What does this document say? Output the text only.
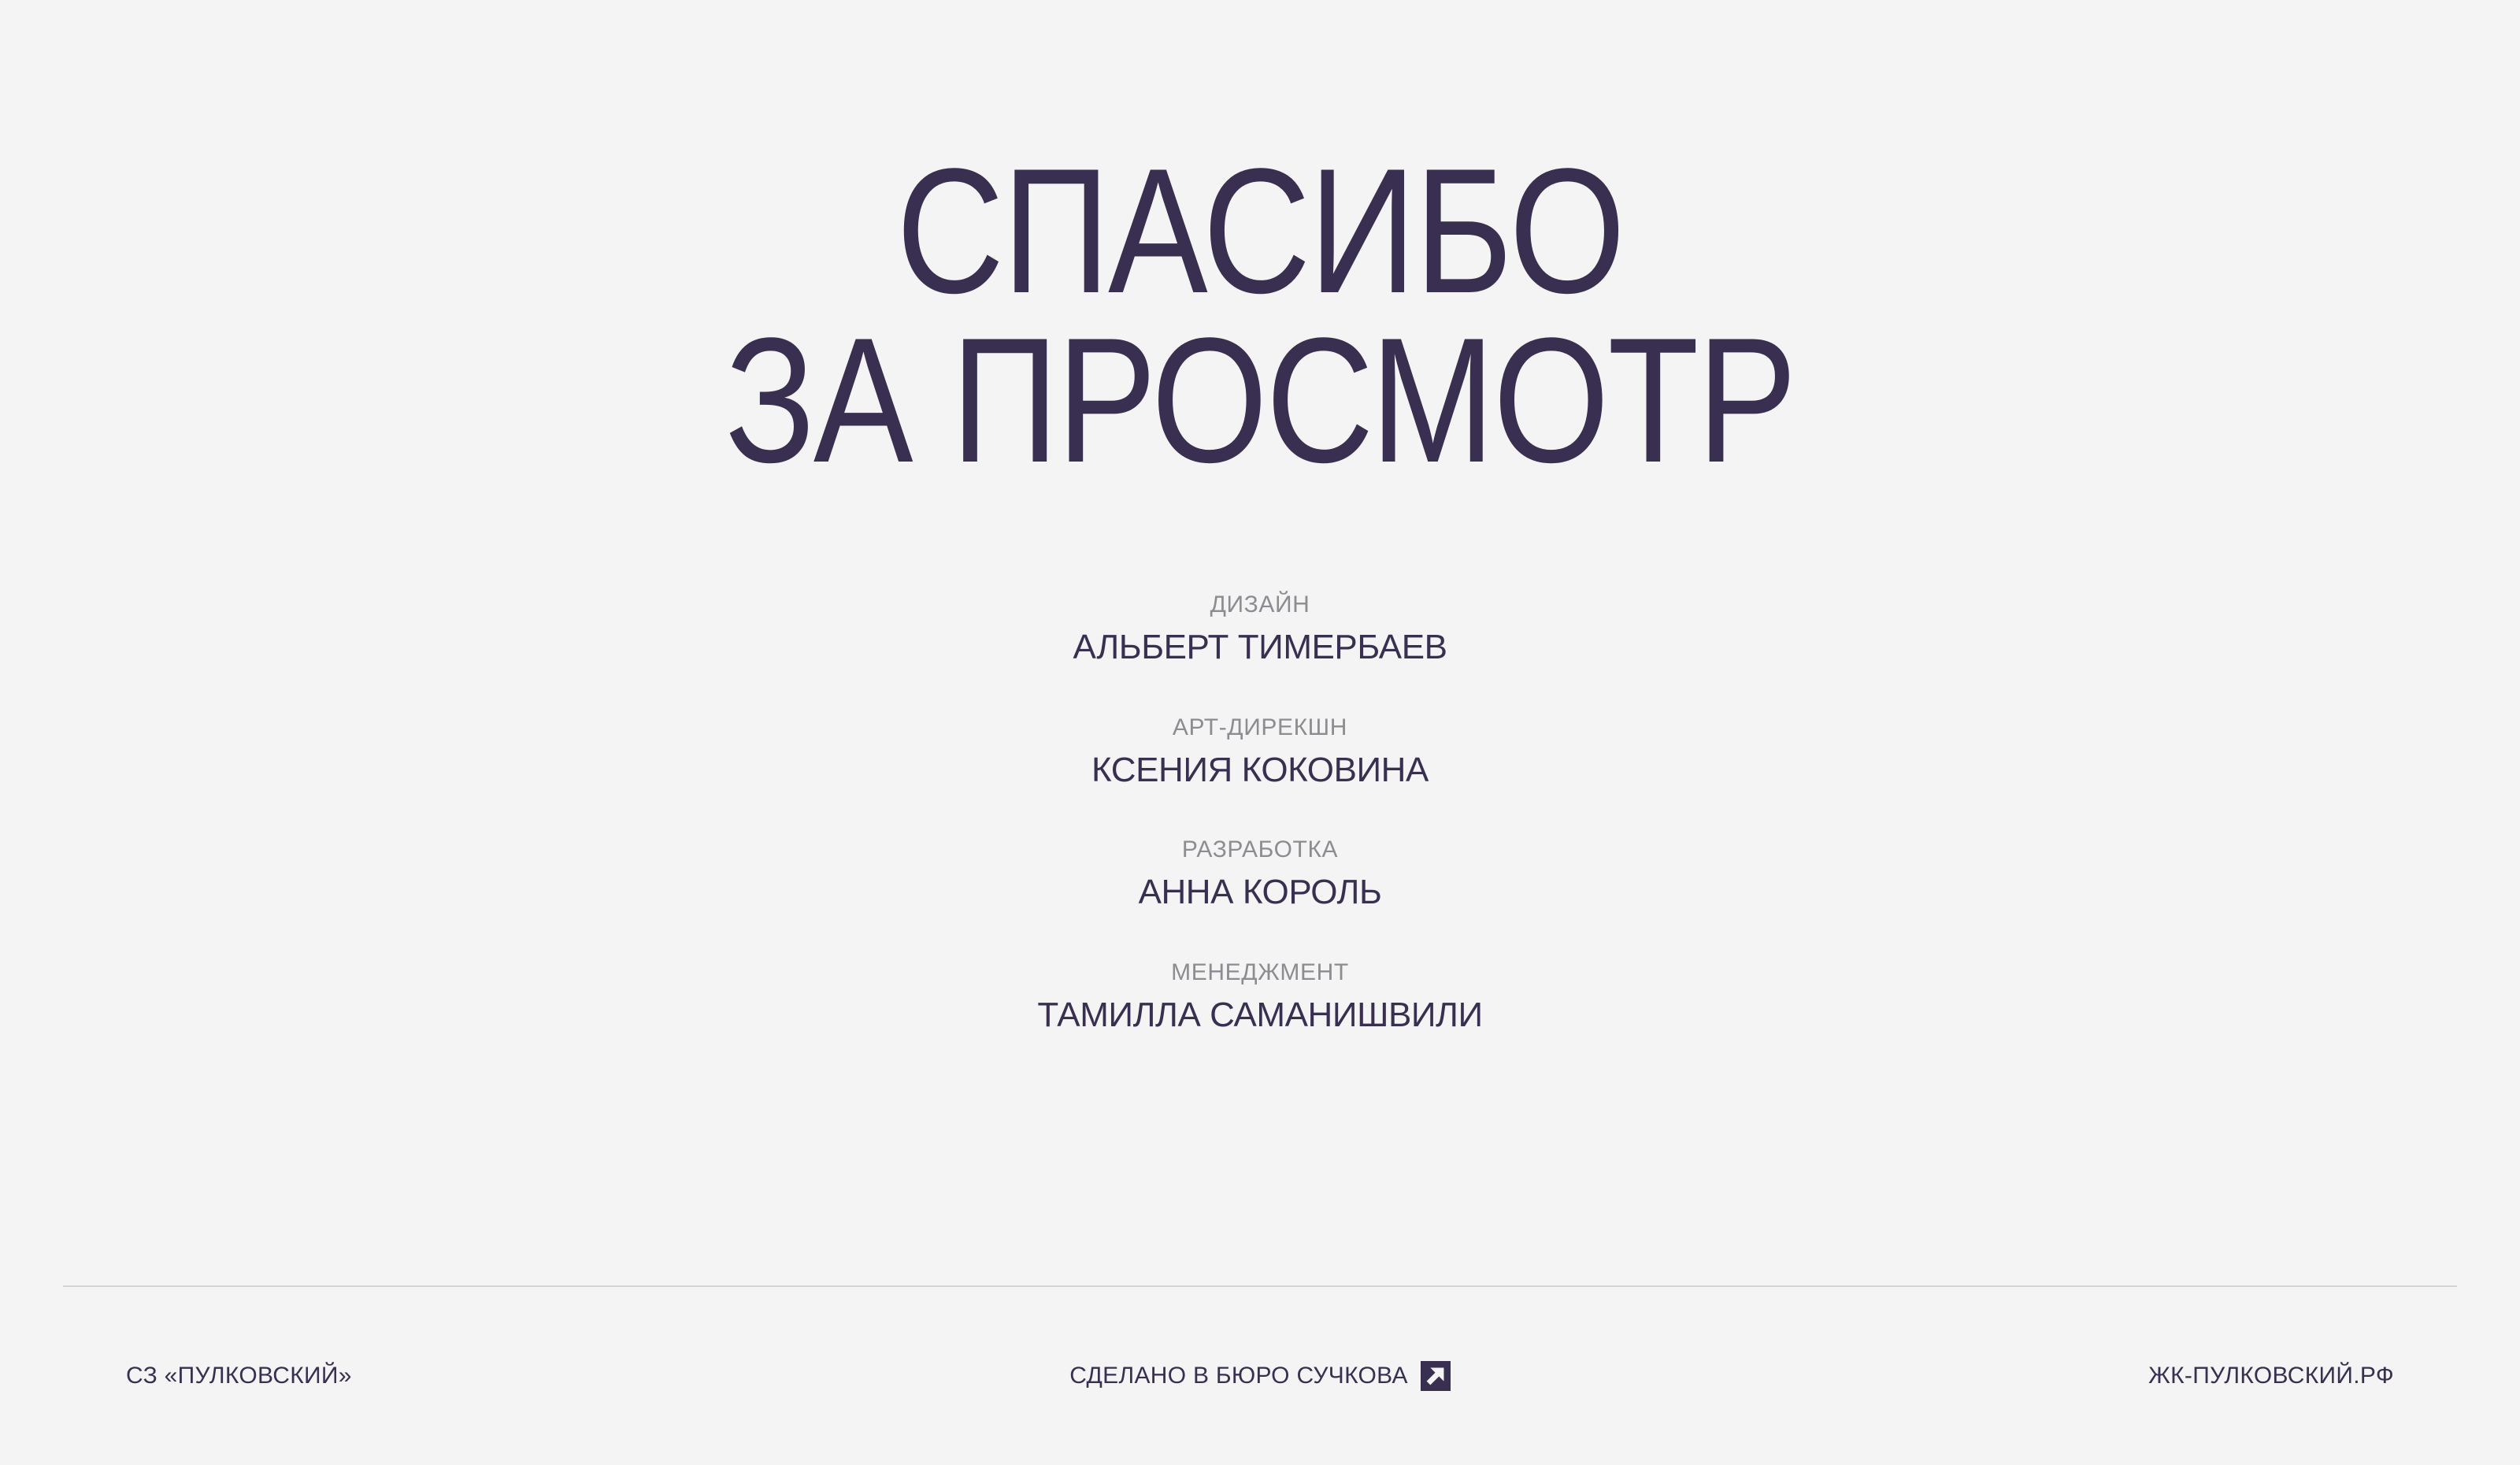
СПАСИБО
ЗА ПРОСМОТР
ДИЗАЙН
АЛЬБЕРТ ТИМЕРБАЕВ
АРТ-ДИРЕКШН
КСЕНИЯ КОКОВИНА
РАЗРАБОТКА
АННА КОРОЛЬ
МЕНЕДЖМЕНТ
ТАМИЛЛА САМАНИШВИЛИ
СЗ «ПУЛКОВСКИЙ»	СДЕЛАНО В БЮРО СУЧКОВА	ЖК-ПУЛКОВСКИЙ.РФ
